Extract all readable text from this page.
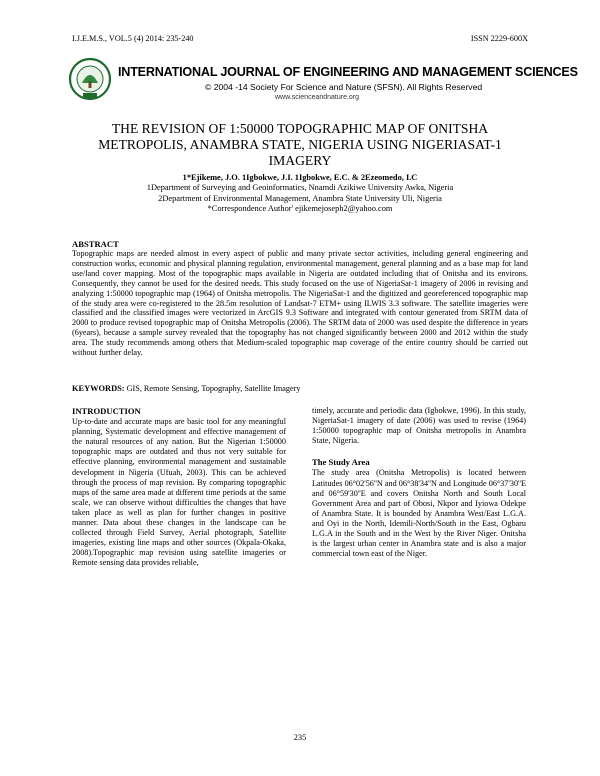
I.J.E.M.S., VOL.5 (4) 2014: 235-240	ISSN 2229-600X
INTERNATIONAL JOURNAL OF ENGINEERING AND MANAGEMENT SCIENCES
© 2004 -14 Society For Science and Nature (SFSN). All Rights Reserved
www.scienceandnature.org
THE REVISION OF 1:50000 TOPOGRAPHIC MAP OF ONITSHA
METROPOLIS, ANAMBRA STATE, NIGERIA USING NIGERIASAT-1
IMAGERY
1*Ejikeme, J.O. 1Igbokwe, J.I. 1Igbokwe, E.C. & 2Ezeomedo, I.C
1Department of Surveying and Geoinformatics, Nnamdi Azikiwe University Awka, Nigeria
2Department of Environmental Management, Anambra State University Uli, Nigeria
*Correspondence Author' ejikemejoseph2@yahoo.com
ABSTRACT
Topographic maps are needed almost in every aspect of public and many private sector activities, including general engineering and construction works, economic and physical planning regulation, environmental management, general planning and as a base map for land use/land cover mapping. Most of the topographic maps available in Nigeria are outdated including that of Onitsha and its environs. Consequently, they cannot be used for the desired needs. This study focused on the use of NigeriaSat-1 imagery of 2006 in revising and analyzing 1:50000 topographic map (1964) of Onitsha metropolis. The NigeriaSat-1 and the digitized and georeferenced topographic map of the study area were co-registered to the 28.5m resolution of Landsat-7 ETM+ using ILWIS 3.3 software. The satellite imageries were classified and the classified images were vectorized in ArcGIS 9.3 Software and integrated with contour generated from SRTM data of 2000 to produce revised topographic map of Onitsha Metropolis (2006). The SRTM data of 2000 was used despite the difference in years (6years), because a sample survey revealed that the topography has not changed significantly between 2000 and 2012 within the study area. The study recommends among others that Medium-scaled topographic map coverage of the entire country should be carried out without further delay.
KEYWORDS: GIS, Remote Sensing, Topography, Satellite Imagery
INTRODUCTION

Up-to-date and accurate maps are basic tool for any meaningful planning, Systematic development and effective management of the natural resources of any nation. But the Nigerian 1:50000 topographic maps are outdated and thus not very suitable for effective planning, environmental management and sustainable development in Nigeria (Ufuah, 2003). This can be achieved through the process of map revision. By comparing topographic maps of the same area made at different time periods at the same scale, we can observe without difficulties the changes that have taken place as well as plan for further changes in positive manner. Data about these changes in the landscape can be collected through Field Survey, Aerial photograph, Satellite imageries, existing line maps and other sources (Okpala-Okaka, 2008).Topographic map revision using satellite imageries or Remote sensing data provides reliable,

timely, accurate and periodic data (Igbokwe, 1996). In this study, NigeriaSat-1 imagery of date (2006) was used to revise (1964) 1:50000 topographic map of Onitsha metropolis in Anambra State, Nigeria.

The Study Area

The study area (Onitsha Metropolis) is located between Latitudes 06°02'56''N and 06°38'34''N and Longitude 06°37'30''E and 06°59'30''E and covers Onitsha North and South Local Government Area and part of Obosi, Nkpor and Iyiowa Odekpe of Anambra State. It is bounded by Anambra West/East L.G.A. and Oyi in the North, Idemili-North/South in the East, Ogbaru L.G.A in the South and in the West by the River Niger. Onitsha is the largest urban center in Anambra state and is also a major commercial town east of the Niger.

235
